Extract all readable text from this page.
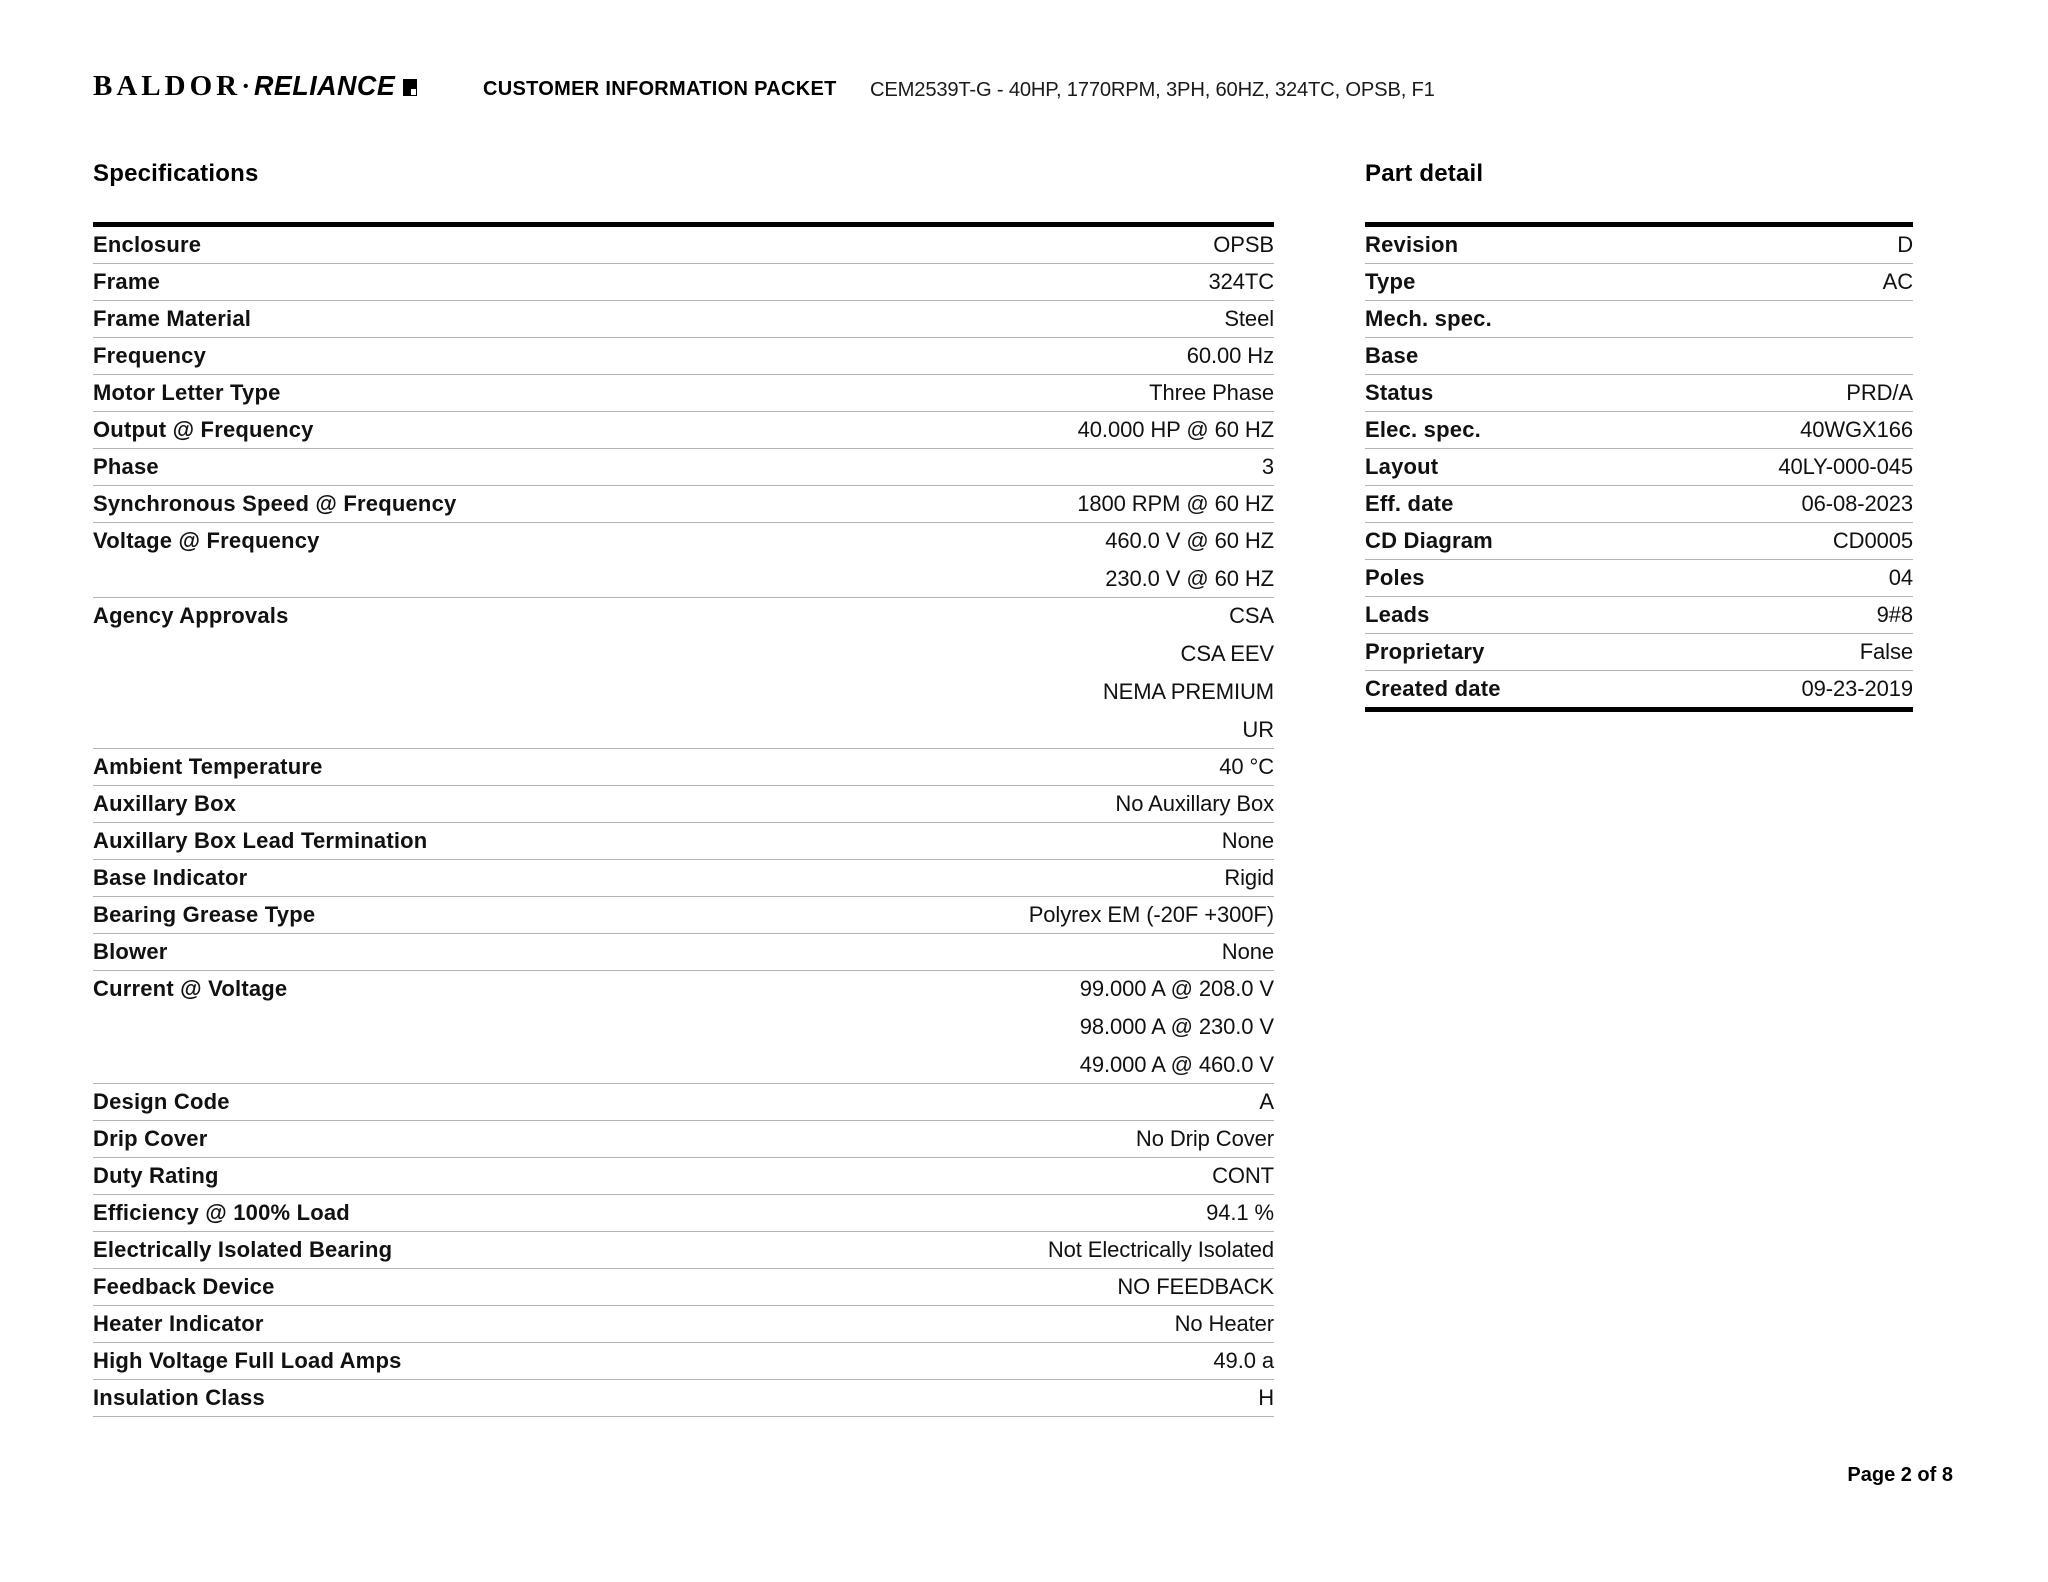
BALDOR • RELIANCE	CUSTOMER INFORMATION PACKET CEM2539T-G - 40HP, 1770RPM, 3PH, 60HZ, 324TC, OPSB, F1
Specifications
Enclosure	OPSB
Frame	324TC
Frame Material	Steel
Frequency	60.00 Hz
Motor Letter Type	Three Phase
Output @ Frequency	40.000 HP @ 60 HZ
Phase	3
Synchronous Speed @ Frequency	1800 RPM @ 60 HZ
Voltage @ Frequency	460.0 V @ 60 HZ
230.0 V @ 60 HZ
Agency Approvals	CSA
CSA EEV
NEMA PREMIUM
UR
Ambient Temperature	40 °C
Auxillary Box	No Auxillary Box
Auxillary Box Lead Termination	None
Base Indicator	Rigid
Bearing Grease Type	Polyrex EM (-20F +300F)
Blower	None
Current @ Voltage	99.000 A @ 208.0 V
98.000 A @ 230.0 V
49.000 A @ 460.0 V
Design Code	A
Drip Cover	No Drip Cover
Duty Rating	CONT
Efficiency @ 100% Load	94.1 %
Electrically Isolated Bearing	Not Electrically Isolated
Feedback Device	NO FEEDBACK
Heater Indicator	No Heater
High Voltage Full Load Amps	49.0 a
Insulation Class	H
Part detail
Revision	D
Type	AC
Mech. spec.
Base
Status	PRD/A
Elec. spec.	40WGX166
Layout	40LY-000-045
Eff. date	06-08-2023
CD Diagram	CD0005
Poles	04
Leads	9#8
Proprietary	False
Created date	09-23-2019
Page 2 of 8
